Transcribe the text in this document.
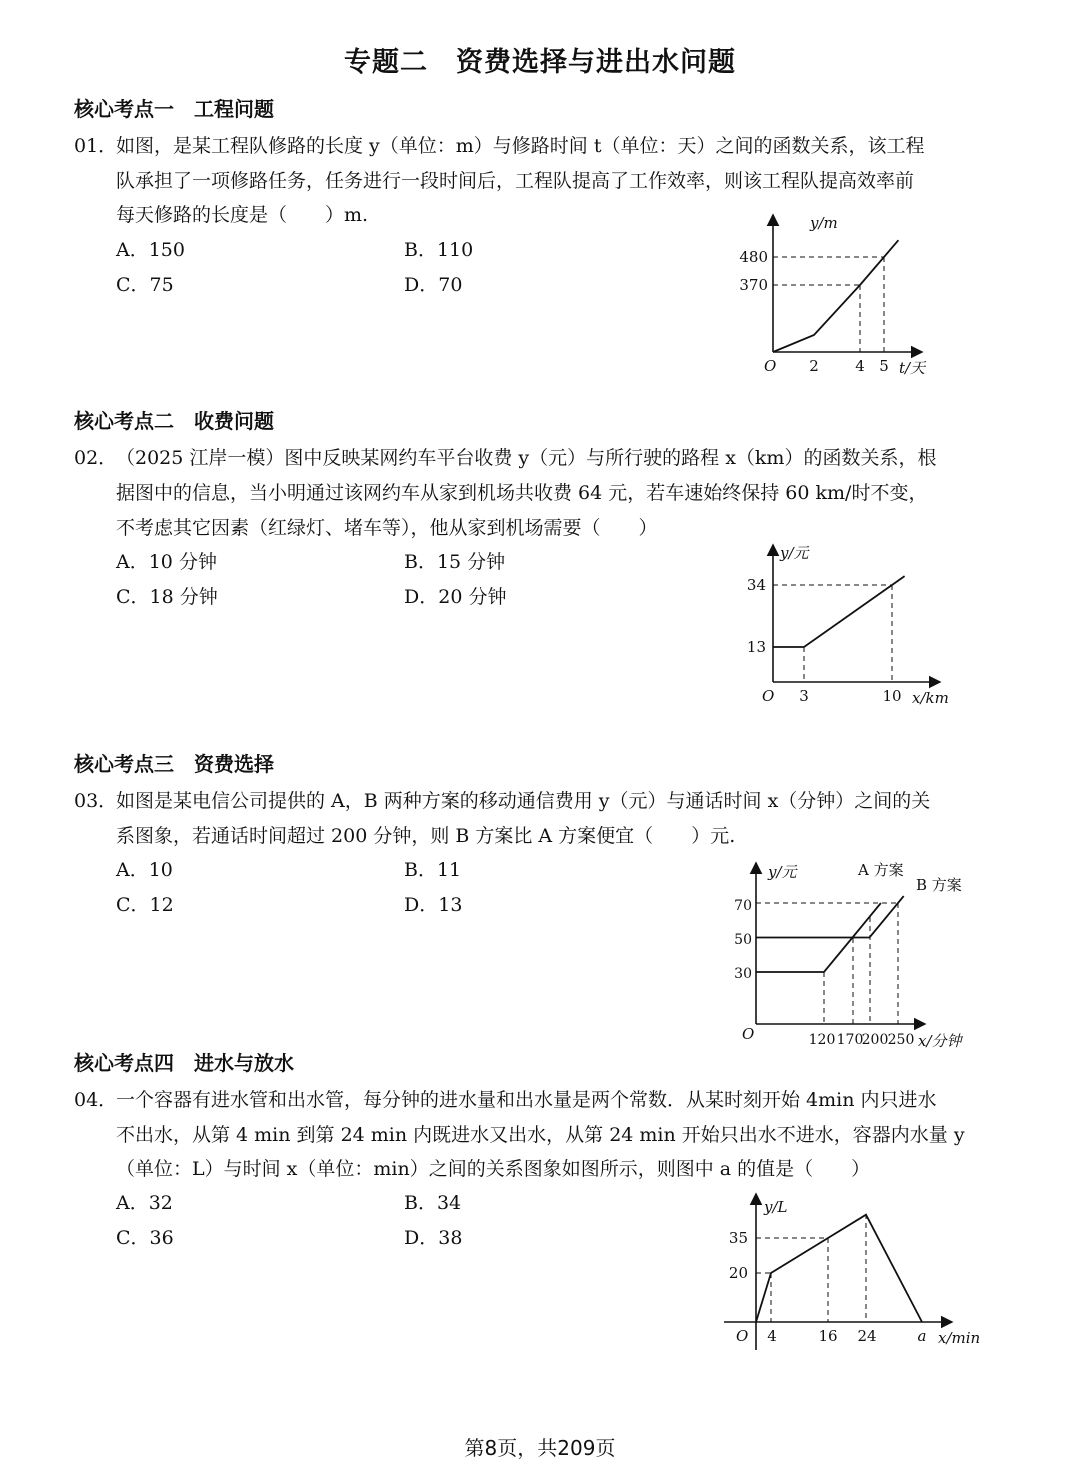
专题二　资费选择与进出水问题
核心考点一　工程问题
01．
如图，是某工程队修路的长度 y（单位：m）与修路时间 t（单位：天）之间的函数关系，该工程
队承担了一项修路任务，任务进行一段时间后，工程队提高了工作效率，则该工程队提高效率前
每天修路的长度是（　　）m.
A．150	B．110
C．75	D．70
y/m
480
370
O 2 4 5 t/天
核心考点二　收费问题
02．
（2025 江岸一模）图中反映某网约车平台收费 y（元）与所行驶的路程 x（km）的函数关系，根
据图中的信息，当小明通过该网约车从家到机场共收费 64 元，若车速始终保持 60 km/时不变，
不考虑其它因素（红绿灯、堵车等），他从家到机场需要（　　）
A．10 分钟	B．15 分钟
C．18 分钟	D．20 分钟
y/元
34
13
O 3	10 x/km
核心考点三　资费选择
03．
如图是某电信公司提供的 A，B 两种方案的移动通信费用 y（元）与通话时间 x（分钟）之间的关
系图象，若通话时间超过 200 分钟，则 B 方案比 A 方案便宜（　　）元.
A．10	B．11
C．12	D．13
y/元	A 方案
B 方案
70
50
30
O	120 170
200 250 x/分钟
核心考点四　进水与放水
04．
一个容器有进水管和出水管，每分钟的进水量和出水量是两个常数．从某时刻开始 4min 内只进水
不出水，从第 4 min 到第 24 min 内既进水又出水，从第 24 min 开始只出水不进水，容器内水量 y
（单位：L）与时间 x（单位：min）之间的关系图象如图所示，则图中 a 的值是（　　）
A．32	B．34
C．36	D．38
y/L
35
20
O 4	16 24	a x/min
第8页，共209页
